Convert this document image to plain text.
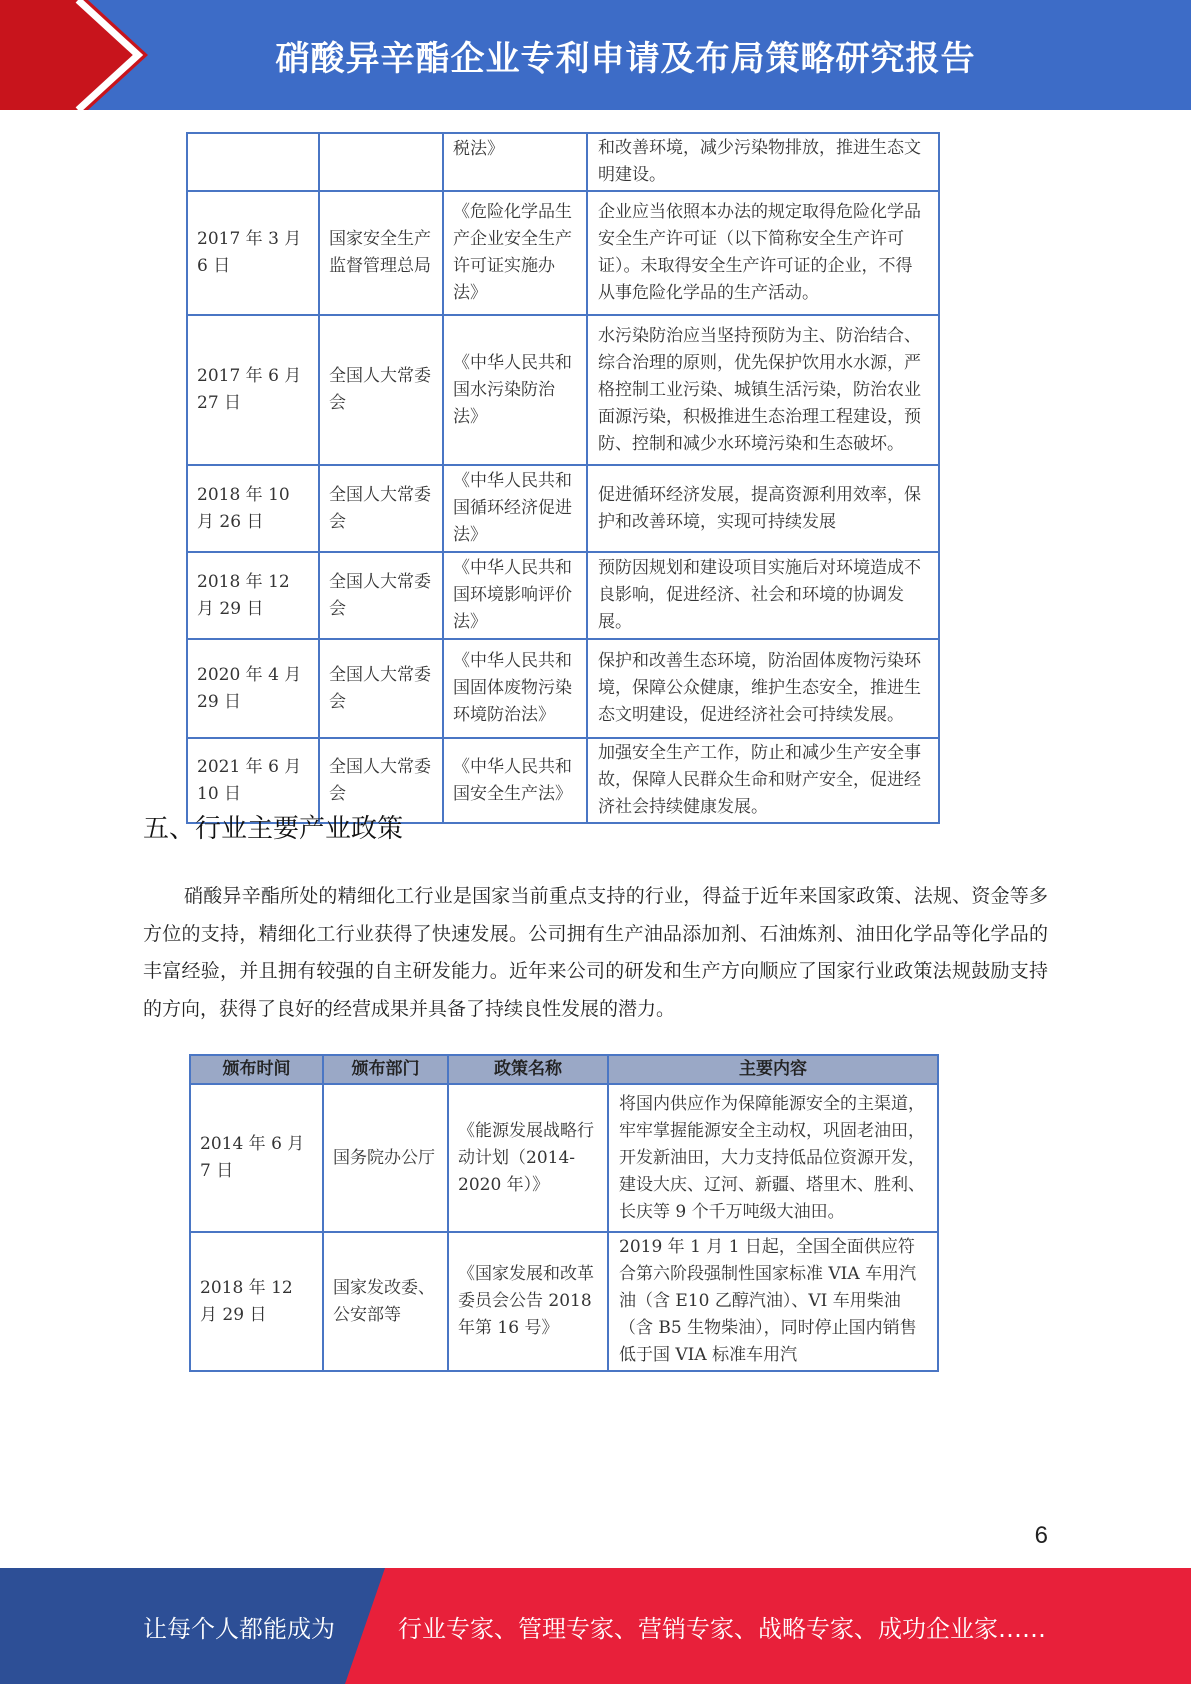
硝酸异辛酯企业专利申请及布局策略研究报告
		税法》	和改善环境，减少污染物排放，推进生态文明建设。
2017 年 3 月 6 日	国家安全生产监督管理总局	《危险化学品生产企业安全生产许可证实施办法》	企业应当依照本办法的规定取得危险化学品安全生产许可证（以下简称安全生产许可证）。未取得安全生产许可证的企业，不得从事危险化学品的生产活动。
2017 年 6 月 27 日	全国人大常委会	《中华人民共和国水污染防治法》	水污染防治应当坚持预防为主、防治结合、综合治理的原则，优先保护饮用水水源，严格控制工业污染、城镇生活污染，防治农业面源污染，积极推进生态治理工程建设，预防、控制和减少水环境污染和生态破坏。
2018 年 10 月 26 日	全国人大常委会	《中华人民共和国循环经济促进法》	促进循环经济发展，提高资源利用效率，保护和改善环境，实现可持续发展
2018 年 12 月 29 日	全国人大常委会	《中华人民共和国环境影响评价法》	预防因规划和建设项目实施后对环境造成不良影响，促进经济、社会和环境的协调发展。
2020 年 4 月 29 日	全国人大常委会	《中华人民共和国固体废物污染环境防治法》	保护和改善生态环境，防治固体废物污染环境，保障公众健康，维护生态安全，推进生态文明建设，促进经济社会可持续发展。
2021 年 6 月 10 日	全国人大常委会	《中华人民共和国安全生产法》	加强安全生产工作，防止和减少生产安全事故，保障人民群众生命和财产安全，促进经济社会持续健康发展。
五、行业主要产业政策

硝酸异辛酯所处的精细化工行业是国家当前重点支持的行业，得益于近年来国家政策、法规、资金等多方位的支持，精细化工行业获得了快速发展。公司拥有生产油品添加剂、石油炼剂、油田化学品等化学品的丰富经验，并且拥有较强的自主研发能力。近年来公司的研发和生产方向顺应了国家行业政策法规鼓励支持的方向，获得了良好的经营成果并具备了持续良性发展的潜力。

颁布时间	颁布部门	政策名称	主要内容
2014 年 6 月 7 日	国务院办公厅	《能源发展战略行动计划（2014-2020 年）》	将国内供应作为保障能源安全的主渠道，牢牢掌握能源安全主动权，巩固老油田，开发新油田，大力支持低品位资源开发，建设大庆、辽河、新疆、塔里木、胜利、长庆等 9 个千万吨级大油田。
2018 年 12 月 29 日	国家发改委、公安部等	《国家发展和改革委员会公告 2018 年第 16 号》	2019 年 1 月 1 日起，全国全面供应符合第六阶段强制性国家标准 VIA 车用汽油（含 E10 乙醇汽油）、VI 车用柴油（含 B5 生物柴油），同时停止国内销售低于国 VIA 标准车用汽
6
让每个人都能成为	行业专家、管理专家、营销专家、战略专家、成功企业家……
